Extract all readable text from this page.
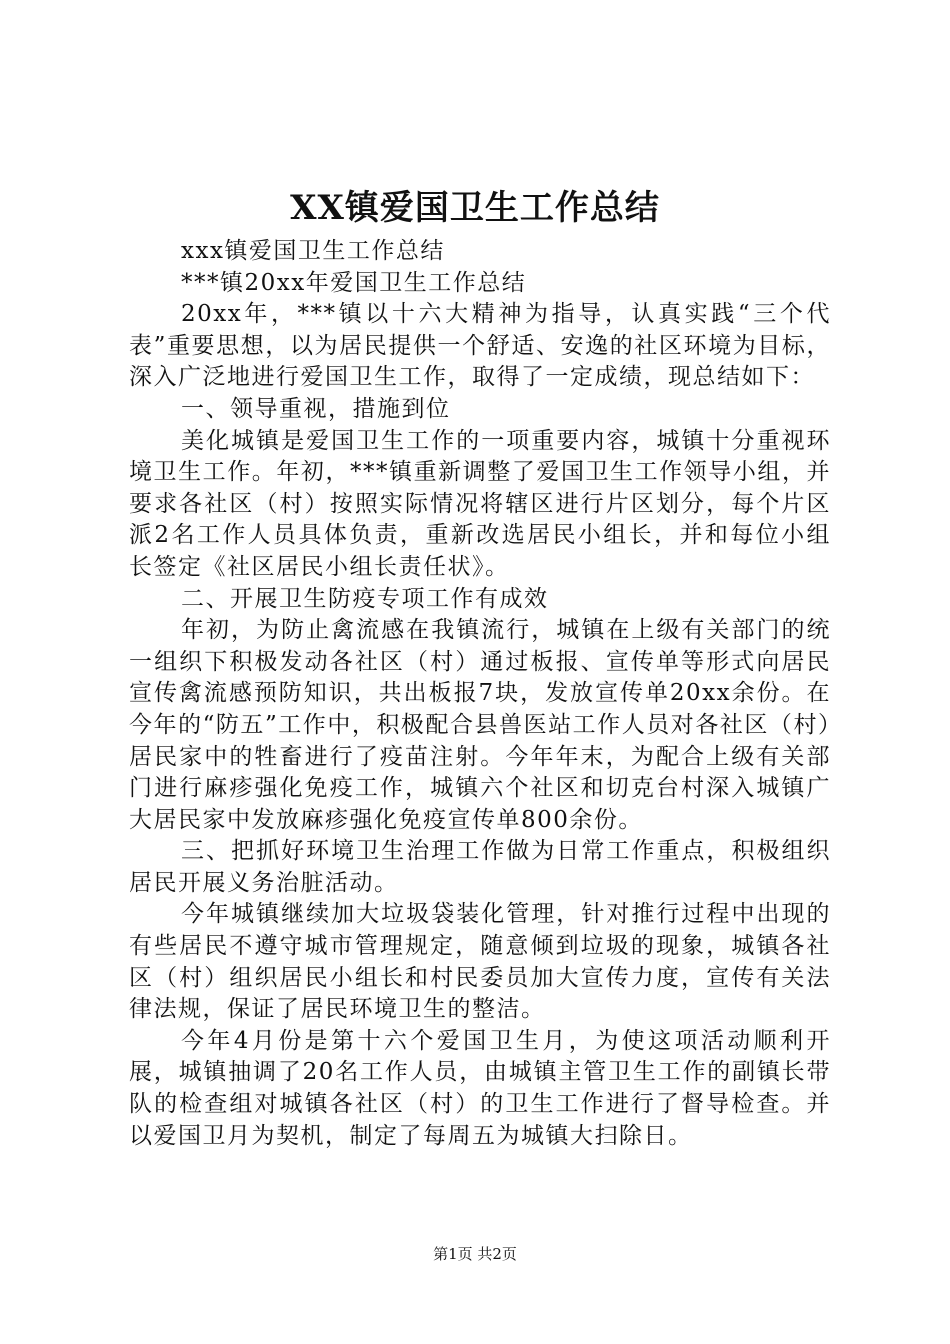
XX镇爱国卫生工作总结

xxx镇爱国卫生工作总结

***镇20xx年爱国卫生工作总结

20xx年，***镇以十六大精神为指导，认真实践“三个代表”重要思想，以为居民提供一个舒适、安逸的社区环境为目标，深入广泛地进行爱国卫生工作，取得了一定成绩，现总结如下：

一、领导重视，措施到位

美化城镇是爱国卫生工作的一项重要内容，城镇十分重视环境卫生工作。年初，***镇重新调整了爱国卫生工作领导小组，并要求各社区（村）按照实际情况将辖区进行片区划分，每个片区派2名工作人员具体负责，重新改选居民小组长，并和每位小组长签定《社区居民小组长责任状》。

二、开展卫生防疫专项工作有成效

年初，为防止禽流感在我镇流行，城镇在上级有关部门的统一组织下积极发动各社区（村）通过板报、宣传单等形式向居民宣传禽流感预防知识，共出板报7块，发放宣传单20xx余份。在今年的“防五”工作中，积极配合县兽医站工作人员对各社区（村）居民家中的牲畜进行了疫苗注射。今年年末，为配合上级有关部门进行麻疹强化免疫工作，城镇六个社区和切克台村深入城镇广大居民家中发放麻疹强化免疫宣传单800余份。

三、把抓好环境卫生治理工作做为日常工作重点，积极组织居民开展义务治脏活动。

今年城镇继续加大垃圾袋装化管理，针对推行过程中出现的有些居民不遵守城市管理规定，随意倾到垃圾的现象，城镇各社区（村）组织居民小组长和村民委员加大宣传力度，宣传有关法律法规，保证了居民环境卫生的整洁。

今年4月份是第十六个爱国卫生月，为使这项活动顺利开展，城镇抽调了20名工作人员，由城镇主管卫生工作的副镇长带队的检查组对城镇各社区（村）的卫生工作进行了督导检查。并以爱国卫月为契机，制定了每周五为城镇大扫除日。

第1页 共2页
